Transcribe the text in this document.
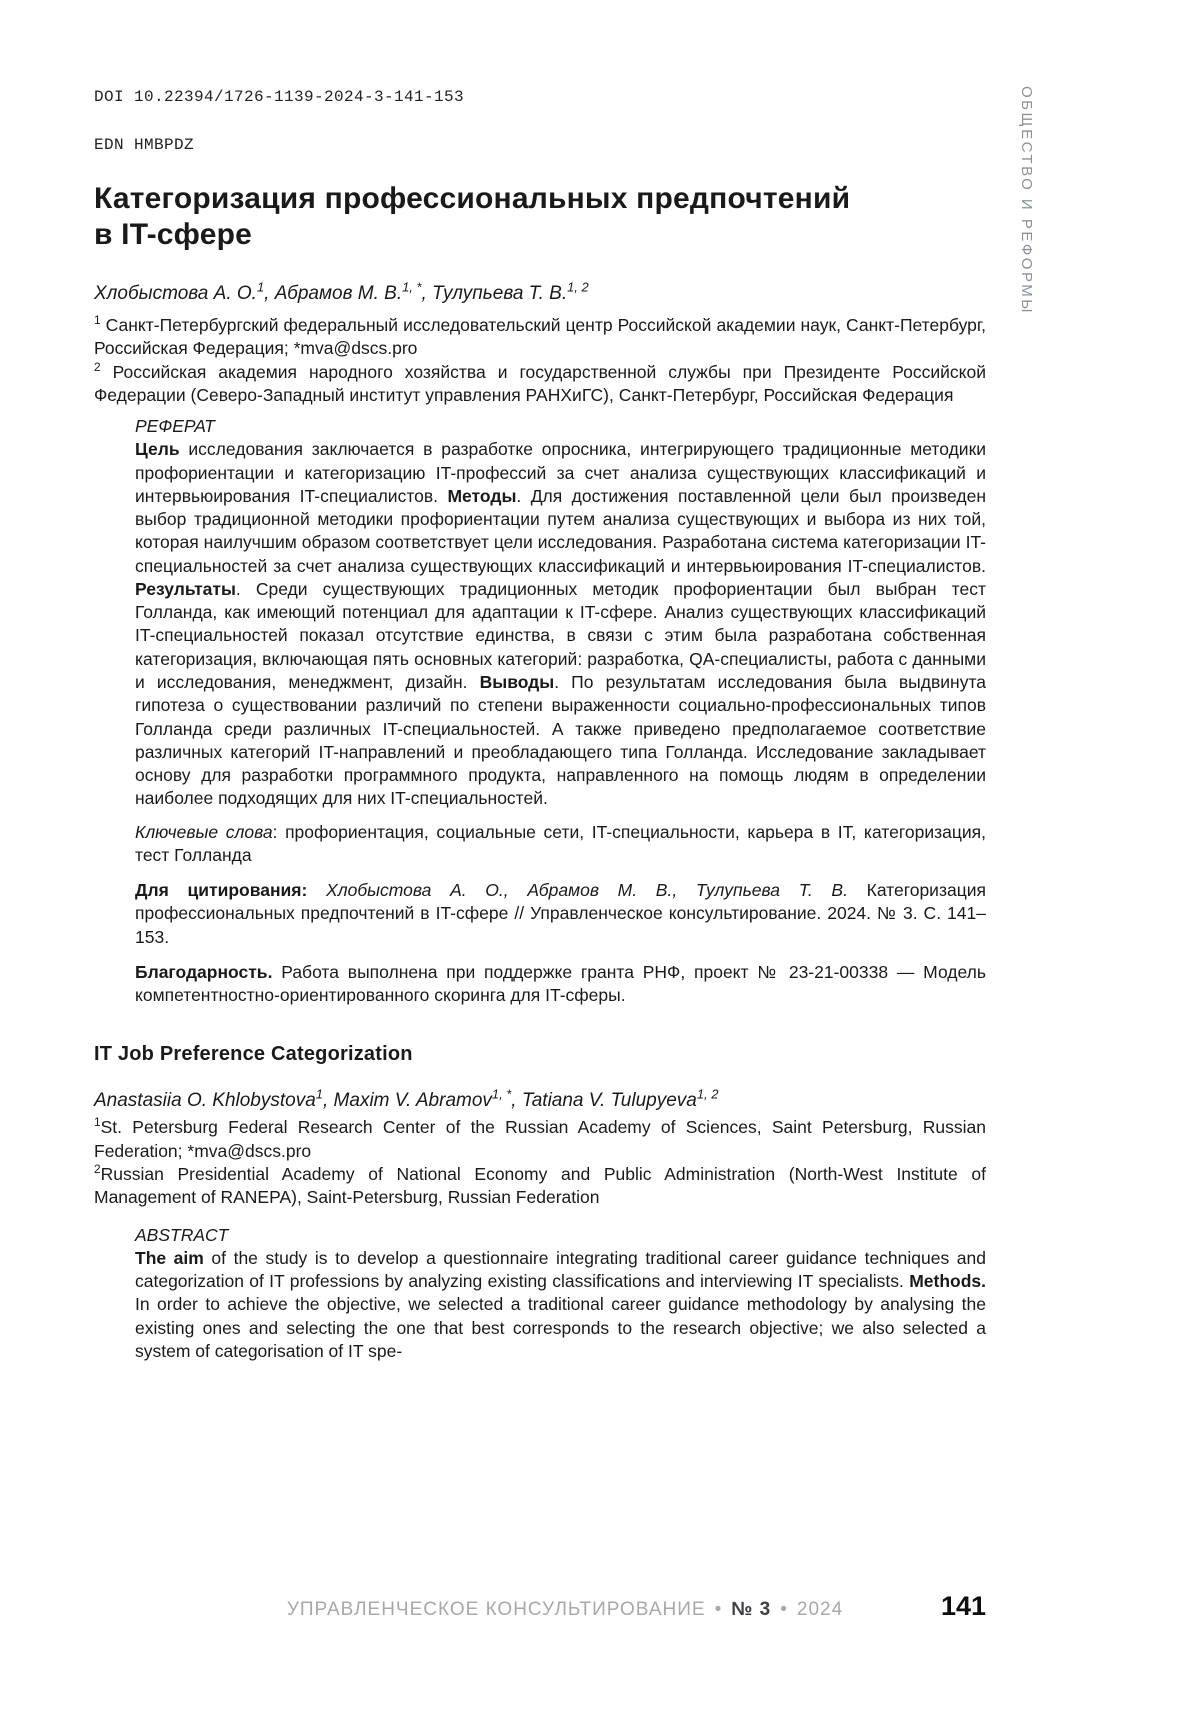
ОБЩЕСТВО И РЕФОРМЫ
DOI 10.22394/1726-1139-2024-3-141-153
EDN HMBPDZ
Категоризация профессиональных предпочтений
в IT-сфере
Хлобыстова А. О.$^1$, Абрамов М. В.$^{1, *}$, Тулупьева Т. В.$^{1, 2}$
$^1$ Санкт-Петербургский федеральный исследовательский центр Российской академии наук, Санкт-Петербург, Российская Федерация; *mva@dscs.pro
$^2$ Российская академия народного хозяйства и государственной службы при Президенте Российской Федерации (Северо-Западный институт управления РАНХиГС), Санкт-Петербург, Российская Федерация
РЕФЕРАТ
Цель исследования заключается в разработке опросника, интегрирующего традиционные методики профориентации и категоризацию IT-профессий за счет анализа существующих классификаций и интервьюирования IT-специалистов. Методы. Для достижения поставленной цели был произведен выбор традиционной методики профориентации путем анализа существующих и выбора из них той, которая наилучшим образом соответствует цели исследования. Разработана система категоризации IT-специальностей за счет анализа существующих классификаций и интервьюирования IT-специалистов. Результаты. Среди существующих традиционных методик профориентации был выбран тест Голланда, как имеющий потенциал для адаптации к IT-сфере. Анализ существующих классификаций IT-специальностей показал отсутствие единства, в связи с этим была разработана собственная категоризация, включающая пять основных категорий: разработка, QA-специалисты, работа с данными и исследования, менеджмент, дизайн. Выводы. По результатам исследования была выдвинута гипотеза о существовании различий по степени выраженности социально-профессиональных типов Голланда среди различных IT-специальностей. А также приведено предполагаемое соответствие различных категорий IT-направлений и преобладающего типа Голланда. Исследование закладывает основу для разработки программного продукта, направленного на помощь людям в определении наиболее подходящих для них IT-специальностей.
Ключевые слова: профориентация, социальные сети, IT-специальности, карьера в IT, категоризация, тест Голланда
Для цитирования: Хлобыстова А. О., Абрамов М. В., Тулупьева Т. В. Категоризация профессиональных предпочтений в IT-сфере // Управленческое консультирование. 2024. № 3. С. 141–153.
Благодарность. Работа выполнена при поддержке гранта РНФ, проект № 23-21-00338 — Модель компетентностно-ориентированного скоринга для IT-сферы.
IT Job Preference Categorization
Anastasiia O. Khlobystova$^1$, Maxim V. Abramov$^{1, *}$, Tatiana V. Tulupyeva$^{1, 2}$
$^1$St. Petersburg Federal Research Center of the Russian Academy of Sciences, Saint Petersburg, Russian Federation; *mva@dscs.pro
$^2$Russian Presidential Academy of National Economy and Public Administration (North-West Institute of Management of RANEPA), Saint-Petersburg, Russian Federation
ABSTRACT
The aim of the study is to develop a questionnaire integrating traditional career guidance techniques and categorization of IT professions by analyzing existing classifications and interviewing IT specialists. Methods. In order to achieve the objective, we selected a traditional career guidance methodology by analysing the existing ones and selecting the one that best corresponds to the research objective; we also selected a system of categorisation of IT spe-
УПРАВЛЕНЧЕСКОЕ КОНСУЛЬТИРОВАНИЕ • № 3 • 2024	141
